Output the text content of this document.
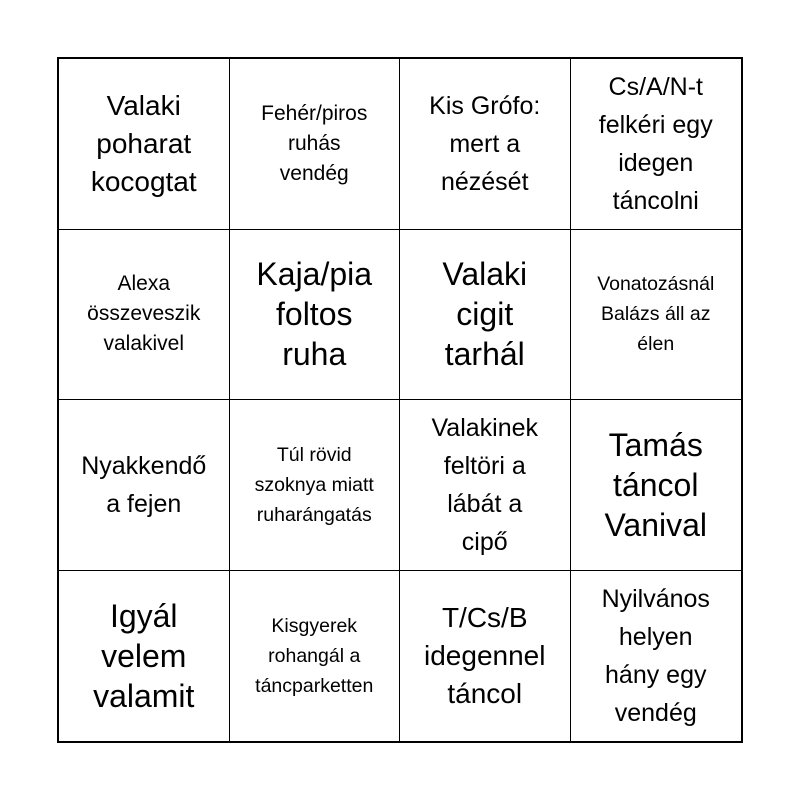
Valaki
poharat
kocogtat
Fehér/piros
ruhás
vendég
Kis Grófo:
mert a
nézését
Cs/A/N-t
felkéri egy
idegen
táncolni
Alexa
összeveszik
valakivel
Kaja/pia
foltos
ruha
Valaki
cigit
tarhál
Vonatozásnál
Balázs áll az
élen
Nyakkendő
a fejen
Túl rövid
szoknya miatt
ruharángatás
Valakinek
feltöri a
lábát a
cipő
Tamás
táncol
Vanival
Igyál
velem
valamit
Kisgyerek
rohangál a
táncparketten
T/Cs/B
idegennel
táncol
Nyilvános
helyen
hány egy
vendég
